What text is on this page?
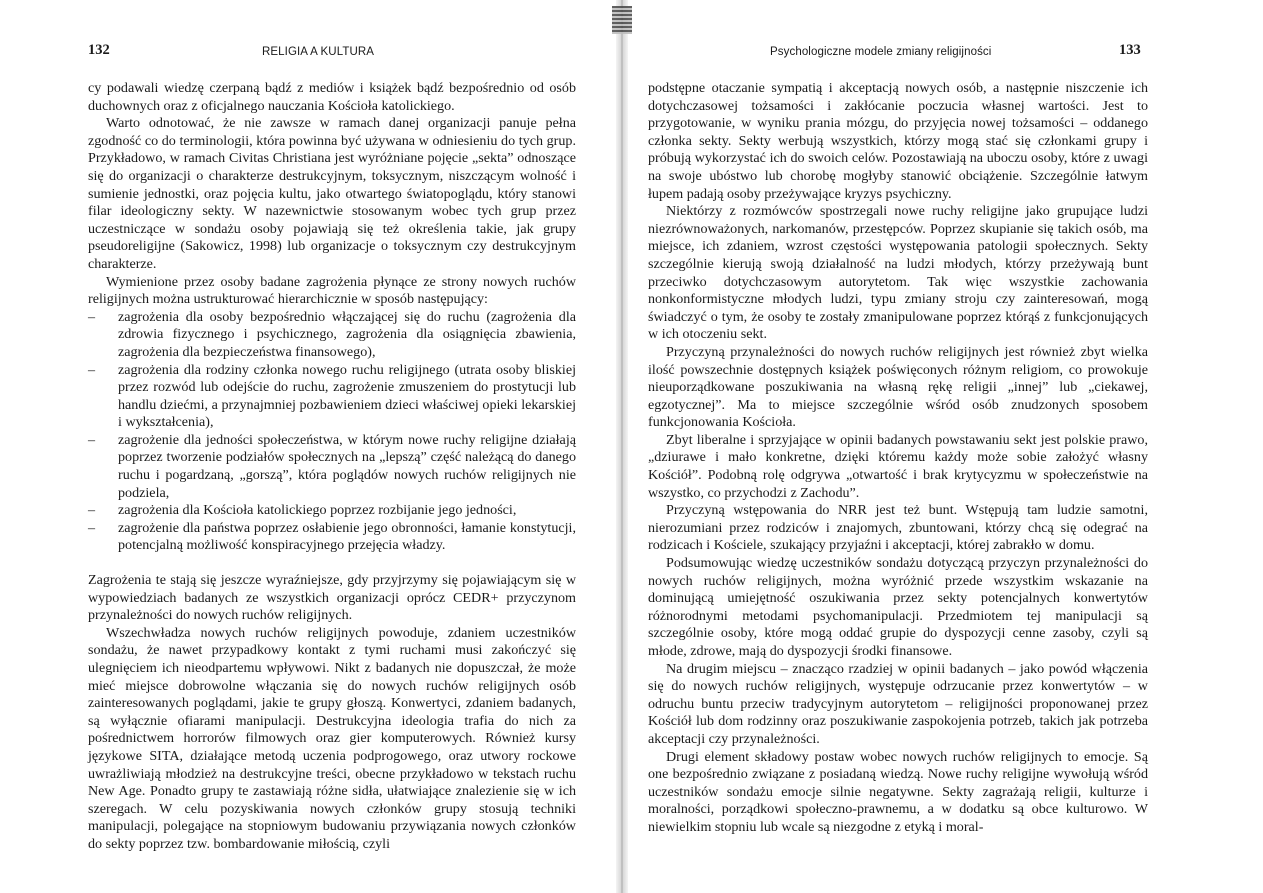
132	RELIGIA A KULTURA

cy podawali wiedzę czerpaną bądź z mediów i książek bądź bezpośrednio od osób duchownych oraz z oficjalnego nauczania Kościoła katolickiego.

Warto odnotować, że nie zawsze w ramach danej organizacji panuje pełna zgodność co do terminologii, która powinna być używana w odniesieniu do tych grup. Przykładowo, w ramach Civitas Christiana jest wyróżniane pojęcie „sekta” odnoszące się do organizacji o charakterze destrukcyjnym, toksycznym, niszczącym wolność i sumienie jednostki, oraz pojęcia kultu, jako otwartego światopoglądu, który stanowi filar ideologiczny sekty. W nazewnictwie stosowanym wobec tych grup przez uczestniczące w sondażu osoby pojawiają się też określenia takie, jak grupy pseudoreligijne (Sakowicz, 1998) lub organizacje o toksycznym czy destrukcyjnym charakterze.

Wymienione przez osoby badane zagrożenia płynące ze strony nowych ruchów religijnych można ustrukturować hierarchicznie w sposób następujący:

– zagrożenia dla osoby bezpośrednio włączającej się do ruchu (zagrożenia dla zdrowia fizycznego i psychicznego, zagrożenia dla osiągnięcia zbawienia, zagrożenia dla bezpieczeństwa finansowego),
– zagrożenia dla rodziny członka nowego ruchu religijnego (utrata osoby bliskiej przez rozwód lub odejście do ruchu, zagrożenie zmuszeniem do prostytucji lub handlu dziećmi, a przynajmniej pozbawieniem dzieci właściwej opieki lekarskiej i wykształcenia),
– zagrożenie dla jedności społeczeństwa, w którym nowe ruchy religijne działają poprzez tworzenie podziałów społecznych na „lepszą” część należącą do danego ruchu i pogardzaną, „gorszą”, która poglądów nowych ruchów religijnych nie podziela,
– zagrożenia dla Kościoła katolickiego poprzez rozbijanie jego jedności,
– zagrożenie dla państwa poprzez osłabienie jego obronności, łamanie konstytucji, potencjalną możliwość konspiracyjnego przejęcia władzy.

Zagrożenia te stają się jeszcze wyraźniejsze, gdy przyjrzymy się pojawiającym się w wypowiedziach badanych ze wszystkich organizacji oprócz CEDR+ przyczynom przynależności do nowych ruchów religijnych.

Wszechwładza nowych ruchów religijnych powoduje, zdaniem uczestników sondażu, że nawet przypadkowy kontakt z tymi ruchami musi zakończyć się ulegnięciem ich nieodpartemu wpływowi. Nikt z badanych nie dopuszczał, że może mieć miejsce dobrowolne włączania się do nowych ruchów religijnych osób zainteresowanych poglądami, jakie te grupy głoszą. Konwertyci, zdaniem badanych, są wyłącznie ofiarami manipulacji. Destrukcyjna ideologia trafia do nich za pośrednictwem horrorów filmowych oraz gier komputerowych. Również kursy językowe SITA, działające metodą uczenia podprogowego, oraz utwory rockowe uwrażliwiają młodzież na destrukcyjne treści, obecne przykładowo w tekstach ruchu New Age. Ponadto grupy te zastawiają różne sidła, ułatwiające znalezienie się w ich szeregach. W celu pozyskiwania nowych członków grupy stosują techniki manipulacji, polegające na stopniowym budowaniu przywiązania nowych członków do sekty poprzez tzw. bombardowanie miłością, czyli

Psychologiczne modele zmiany religijności	133

podstępne otaczanie sympatią i akceptacją nowych osób, a następnie niszczenie ich dotychczasowej tożsamości i zakłócanie poczucia własnej wartości. Jest to przygotowanie, w wyniku prania mózgu, do przyjęcia nowej tożsamości – oddanego członka sekty. Sekty werbują wszystkich, którzy mogą stać się członkami grupy i próbują wykorzystać ich do swoich celów. Pozostawiają na uboczu osoby, które z uwagi na swoje ubóstwo lub chorobę mogłyby stanowić obciążenie. Szczególnie łatwym łupem padają osoby przeżywające kryzys psychiczny.

Niektórzy z rozmówców spostrzegali nowe ruchy religijne jako grupujące ludzi niezrównoważonych, narkomanów, przestępców. Poprzez skupianie się takich osób, ma miejsce, ich zdaniem, wzrost częstości występowania patologii społecznych. Sekty szczególnie kierują swoją działalność na ludzi młodych, którzy przeżywają bunt przeciwko dotychczasowym autorytetom. Tak więc wszystkie zachowania nonkonformistyczne młodych ludzi, typu zmiany stroju czy zainteresowań, mogą świadczyć o tym, że osoby te zostały zmanipulowane poprzez którąś z funkcjonujących w ich otoczeniu sekt.

Przyczyną przynależności do nowych ruchów religijnych jest również zbyt wielka ilość powszechnie dostępnych książek poświęconych różnym religiom, co prowokuje nieuporządkowane poszukiwania na własną rękę religii „innej” lub „ciekawej, egzotycznej”. Ma to miejsce szczególnie wśród osób znudzonych sposobem funkcjonowania Kościoła.

Zbyt liberalne i sprzyjające w opinii badanych powstawaniu sekt jest polskie prawo, „dziurawe i mało konkretne, dzięki któremu każdy może sobie założyć własny Kościół”. Podobną rolę odgrywa „otwartość i brak krytycyzmu w społeczeństwie na wszystko, co przychodzi z Zachodu”.

Przyczyną wstępowania do NRR jest też bunt. Wstępują tam ludzie samotni, nierozumiani przez rodziców i znajomych, zbuntowani, którzy chcą się odegrać na rodzicach i Kościele, szukający przyjaźni i akceptacji, której zabrakło w domu.

Podsumowując wiedzę uczestników sondażu dotyczącą przyczyn przynależności do nowych ruchów religijnych, można wyróżnić przede wszystkim wskazanie na dominującą umiejętność oszukiwania przez sekty potencjalnych konwertytów różnorodnymi metodami psychomanipulacji. Przedmiotem tej manipulacji są szczególnie osoby, które mogą oddać grupie do dyspozycji cenne zasoby, czyli są młode, zdrowe, mają do dyspozycji środki finansowe.

Na drugim miejscu – znacząco rzadziej w opinii badanych – jako powód włączenia się do nowych ruchów religijnych, występuje odrzucanie przez konwertytów – w odruchu buntu przeciw tradycyjnym autorytetom – religijności proponowanej przez Kościół lub dom rodzinny oraz poszukiwanie zaspokojenia potrzeb, takich jak potrzeba akceptacji czy przynależności.

Drugi element składowy postaw wobec nowych ruchów religijnych to emocje. Są one bezpośrednio związane z posiadaną wiedzą. Nowe ruchy religijne wywołują wśród uczestników sondażu emocje silnie negatywne. Sekty zagrażają religii, kulturze i moralności, porządkowi społeczno-prawnemu, a w dodatku są obce kulturowo. W niewielkim stopniu lub wcale są niezgodne z etyką i moral-
